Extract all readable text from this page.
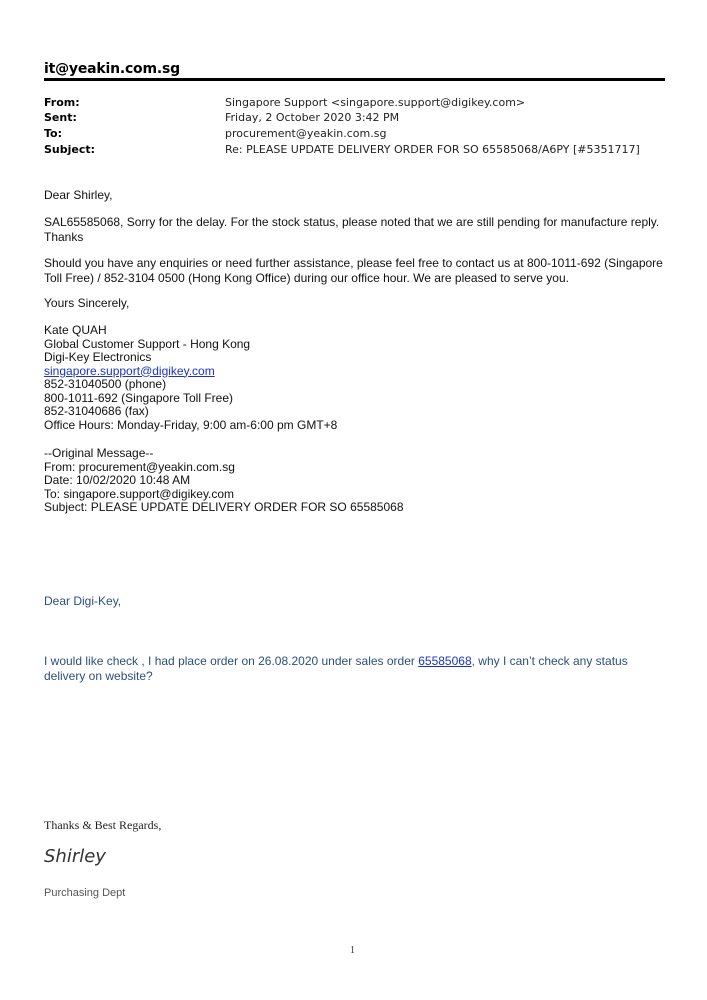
it@yeakin.com.sg
From:	Singapore Support <singapore.support@digikey.com>
Sent:	Friday, 2 October 2020 3:42 PM
To:	procurement@yeakin.com.sg
Subject:	Re: PLEASE UPDATE DELIVERY ORDER FOR SO 65585068/A6PY [#5351717]
Dear Shirley,
SAL65585068, Sorry for the delay. For the stock status, please noted that we are still pending for manufacture reply. Thanks
Should you have any enquiries or need further assistance, please feel free to contact us at 800-1011-692 (Singapore Toll Free) / 852-3104 0500 (Hong Kong Office) during our office hour. We are pleased to serve you.
Yours Sincerely,
Kate QUAH
Global Customer Support - Hong Kong
Digi-Key Electronics
singapore.support@digikey.com
852-31040500 (phone)
800-1011-692 (Singapore Toll Free)
852-31040686 (fax)
Office Hours: Monday-Friday, 9:00 am-6:00 pm GMT+8
--Original Message--
From: procurement@yeakin.com.sg
Date: 10/02/2020 10:48 AM
To: singapore.support@digikey.com
Subject: PLEASE UPDATE DELIVERY ORDER FOR SO 65585068
Dear Digi-Key,
I would like check , I had place order on 26.08.2020 under sales order 65585068, why I can’t check any status delivery on website?
Thanks & Best Regards,
Shirley
Purchasing Dept
1
